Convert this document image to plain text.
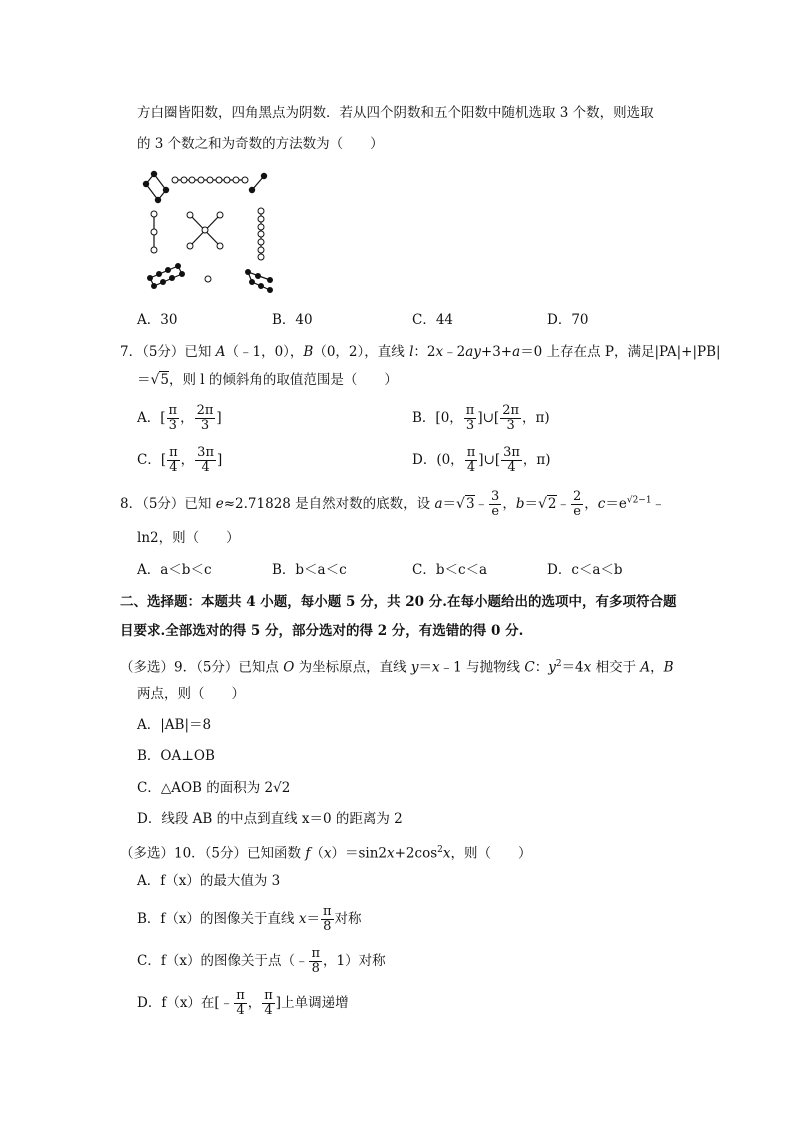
方白圈皆阳数，四角黑点为阴数．若从四个阴数和五个阳数中随机选取 3 个数，则选取
的 3 个数之和为奇数的方法数为（　　）
A．30	B．40	C．44	D．70
7．（5分）已知 A（﹣1，0），B（0，2），直线 l：2x﹣2ay+3+a＝0 上存在点 P，满足|PA|+|PB|
＝√5，则 l 的倾斜角的取值范围是（　　）
A．[ $\frac{\pi}{3}$ ， $\frac{2\pi}{3}$ ]	B．[0， $\frac{\pi}{3}$ ]∪[ $\frac{2\pi}{3}$ ，π)
C．[ $\frac{\pi}{4}$ ， $\frac{3\pi}{4}$ ]	D．(0， $\frac{\pi}{4}$ ]∪[ $\frac{3\pi}{4}$ ，π)
8．（5分）已知 e≈2.71828 是自然对数的底数，设 a＝√3﹣ $\frac{3}{e}$ ，b＝√2﹣ $\frac{2}{e}$ ，$c=e^{√2-1}﹣$
ln2，则（　　）
A．a＜b＜c	B．b＜a＜c	C．b＜c＜a	D．c＜a＜b
二、选择题：本题共 4 小题，每小题 5 分，共 20 分.在每小题给出的选项中，有多项符合题
目要求.全部选对的得 5 分，部分选对的得 2 分，有选错的得 0 分.
（多选）9．（5分）已知点 O 为坐标原点，直线 y＝x﹣1 与抛物线 C：$y^2=4x$ 相交于 A，B
两点，则（　　）
A．|AB|＝8
B．OA⊥OB
C．△AOB 的面积为 2√2
D．线段 AB 的中点到直线 x＝0 的距离为 2
（多选）10．（5分）已知函数 $f(x)=\sin 2x+2\cos^2x$，则（　　）
A．f（x）的最大值为 3
B．f（x）的图像关于直线 $x= \frac{\pi}{8}$ 对称
C．f（x）的图像关于点（﹣ $\frac{\pi}{8}$ ，1）对称
D．f（x）在[﹣ $\frac{\pi}{4}$ ， $\frac{\pi}{4}$ ]上单调递增
